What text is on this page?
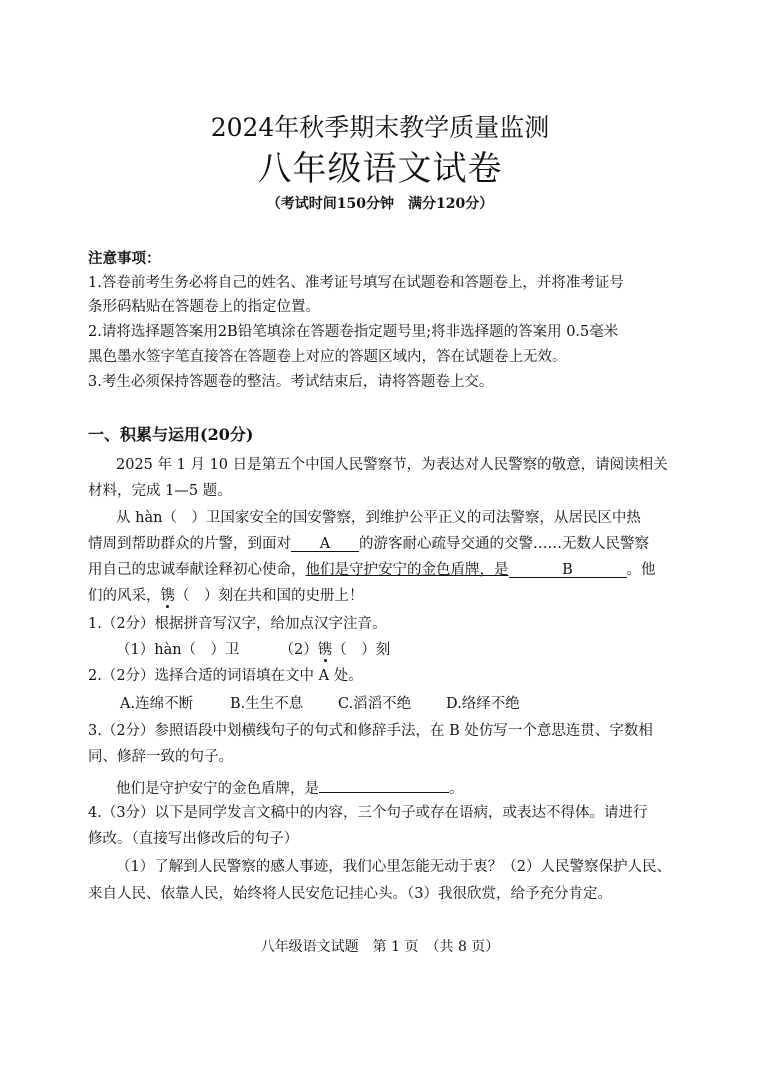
2024年秋季期末教学质量监测
八年级语文试卷
（考试时间150分钟　满分120分）
注意事项：
1.答卷前考生务必将自己的姓名、准考证号填写在试题卷和答题卷上，并将准考证号
条形码粘贴在答题卷上的指定位置。
2.请将选择题答案用2B铅笔填涂在答题卷指定题号里;将非选择题的答案用 0.5毫米
黑色墨水签字笔直接答在答题卷上对应的答题区域内，答在试题卷上无效。
3.考生必须保持答题卷的整洁。考试结束后，请将答题卷上交。
一、积累与运用(20分)
2025 年 1 月 10 日是第五个中国人民警察节，为表达对人民警察的敬意，请阅读相关
材料，完成 1—5 题。
从 hàn（　）卫国家安全的国安警察，到维护公平正义的司法警察，从居民区中热
情周到帮助群众的片警，到面对 A 的游客耐心疏导交通的交警……无数人民警察
用自己的忠诚奉献诠释初心使命，他们是守护安宁的金色盾牌，是	B	。他
们的风采，镌（　）刻在共和国的史册上！
1.（2分）根据拼音写汉字，给加点汉字注音。
（1）hàn（　）卫	（2）镌（　）刻
2.（2分）选择合适的词语填在文中 A 处。
A.连绵不断	B.生生不息 C.滔滔不绝 D.络绎不绝
3.（2分）参照语段中划横线句子的句式和修辞手法，在 B 处仿写一个意思连贯、字数相
同、修辞一致的句子。
他们是守护安宁的金色盾牌，是	。
4.（3分）以下是同学发言文稿中的内容，三个句子或存在语病，或表达不得体。请进行
修改。（直接写出修改后的句子）
（1）了解到人民警察的感人事迹，我们心里怎能无动于衷？（2）人民警察保护人民、
来自人民、依靠人民，始终将人民安危记挂心头。（3）我很欣赏，给予充分肯定。
八年级语文试题　第 1 页　（共 8 页）
